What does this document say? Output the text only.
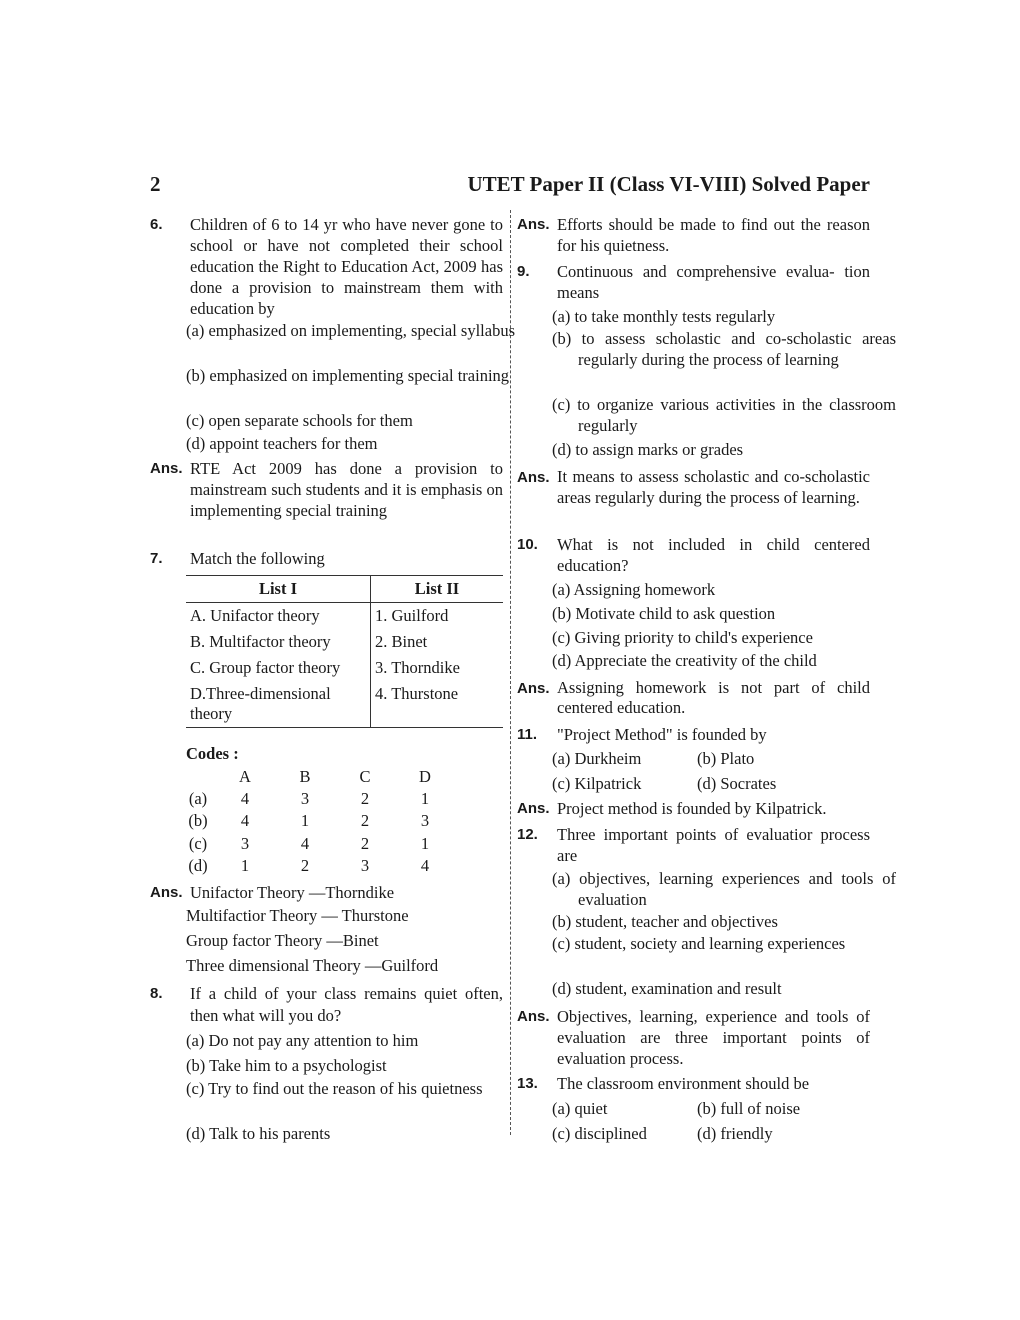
2	UTET Paper II (Class VI-VIII) Solved Paper
6. Children of 6 to 14 yr who have never gone to school or have not completed their school education the Right to Education Act, 2009 has done a provision to mainstream them with education by
(a) emphasized on implementing, special syllabus
(b) emphasized on implementing special training
(c) open separate schools for them
(d) appoint teachers for them
Ans. RTE Act 2009 has done a provision to mainstream such students and it is emphasis on implementing special training
7. Match the following
List I	List II
A. Unifactor theory	1. Guilford
B. Multifactor theory	2. Binet
C. Group factor theory	3. Thorndike
D.Three-dimensional theory	4. Thurstone
Codes :
A	B	C	D
(a)	4	3	2	1
(b)	4	1	2	3
(c)	3	4	2	1
(d)	1	2	3	4
Ans. Unifactor Theory —Thorndike
Multifactior Theory — Thurstone
Group factor Theory —Binet
Three dimensional Theory —Guilford
8. If a child of your class remains quiet often, then what will you do?
(a) Do not pay any attention to him
(b) Take him to a psychologist
(c) Try to find out the reason of his quietness
(d) Talk to his parents
Ans. Efforts should be made to find out the reason for his quietness.
9. Continuous and comprehensive evalua- tion means
(a) to take monthly tests regularly
(b) to assess scholastic and co-scholastic areas regularly during the process of learning
(c) to organize various activities in the classroom regularly
(d) to assign marks or grades
Ans. It means to assess scholastic and co-scholastic areas regularly during the process of learning.
10. What is not included in child centered education?
(a) Assigning homework
(b) Motivate child to ask question
(c) Giving priority to child's experience
(d) Appreciate the creativity of the child
Ans. Assigning homework is not part of child centered education.
11. "Project Method" is founded by
(a) Durkheim	(b) Plato
(c) Kilpatrick	(d) Socrates
Ans. Project method is founded by Kilpatrick.
12. Three important points of evaluatior process are
(a) objectives, learning experiences and tools of evaluation
(b) student, teacher and objectives
(c) student, society and learning experiences
(d) student, examination and result
Ans. Objectives, learning, experience and tools of evaluation are three important points of evaluation process.
13. The classroom environment should be
(a) quiet	(b) full of noise
(c) disciplined	(d) friendly
